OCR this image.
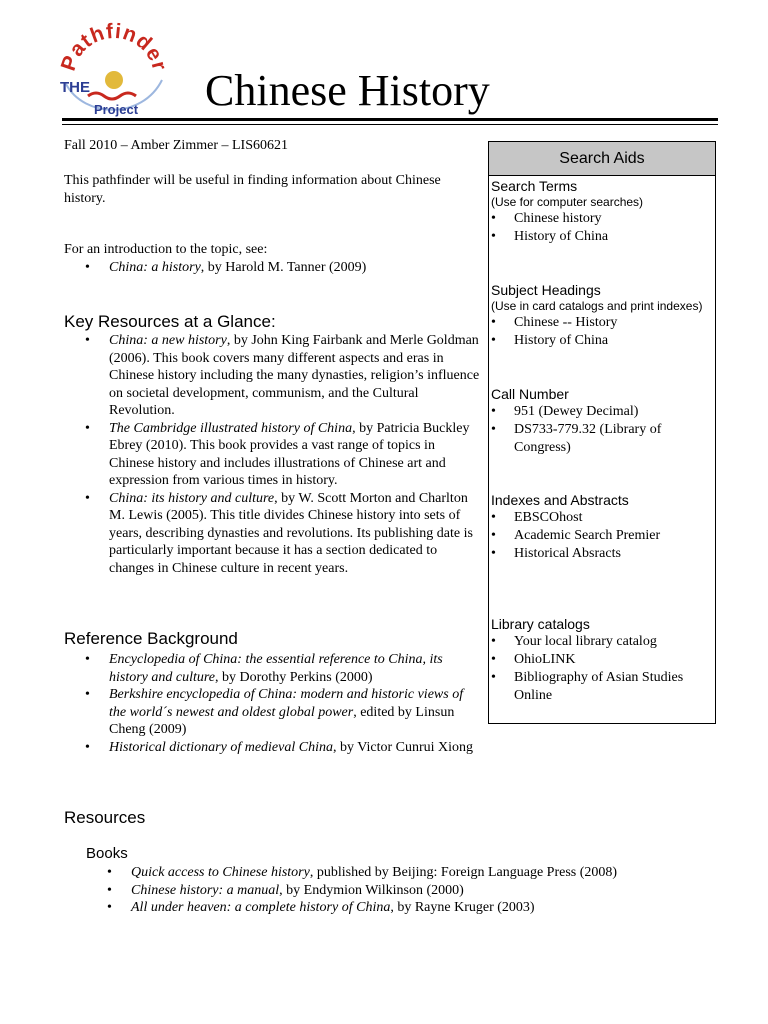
Pathfinder
THE
Project Chinese History
Fall 2010 – Amber Zimmer – LIS60621
This pathfinder will be useful in finding information about Chinese history.
For an introduction to the topic, see:
• China: a history, by Harold M. Tanner (2009)
Key Resources at a Glance:
• China: a new history, by John King Fairbank and Merle Goldman (2006). This book covers many different aspects and eras in Chinese history including the many dynasties, religion’s influence on societal development, communism, and the Cultural Revolution.
• The Cambridge illustrated history of China, by Patricia Buckley Ebrey (2010). This book provides a vast range of topics in Chinese history and includes illustrations of Chinese art and expression from various times in history.
• China: its history and culture, by W. Scott Morton and Charlton M. Lewis (2005). This title divides Chinese history into sets of years, describing dynasties and revolutions. Its publishing date is particularly important because it has a section dedicated to changes in Chinese culture in recent years.
Reference Background
• Encyclopedia of China: the essential reference to China, its history and culture, by Dorothy Perkins (2000)
• Berkshire encyclopedia of China: modern and historic views of the world´s newest and oldest global power, edited by Linsun Cheng (2009)
• Historical dictionary of medieval China, by Victor Cunrui Xiong
Resources
Books
• Quick access to Chinese history, published by Beijing: Foreign Language Press (2008)
• Chinese history: a manual, by Endymion Wilkinson (2000)
• All under heaven: a complete history of China, by Rayne Kruger (2003)
Search Aids
Search Terms
(Use for computer searches)
• Chinese history
• History of China
Subject Headings
(Use in card catalogs and print indexes)
• Chinese -- History
• History of China
Call Number
• 951 (Dewey Decimal)
• DS733-779.32 (Library of Congress)
Indexes and Abstracts
• EBSCOhost
• Academic Search Premier
• Historical Absracts
Library catalogs
• Your local library catalog
• OhioLINK
• Bibliography of Asian Studies Online
